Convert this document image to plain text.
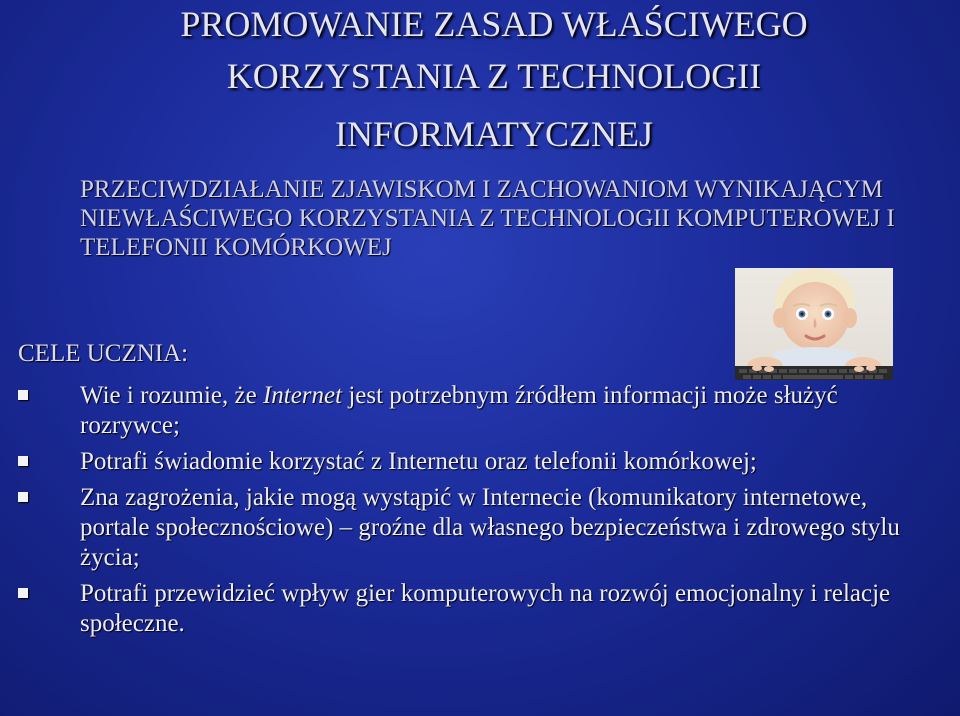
PROMOWANIE ZASAD WŁAŚCIWEGO
KORZYSTANIA Z TECHNOLOGII
INFORMATYCZNEJ
PRZECIWDZIAŁANIE ZJAWISKOM I ZACHOWANIOM WYNIKAJĄCYM NIEWŁAŚCIWEGO KORZYSTANIA Z TECHNOLOGII KOMPUTEROWEJ I TELEFONII KOMÓRKOWEJ
CELE UCZNIA:
Wie i rozumie, że Internet jest potrzebnym źródłem informacji może służyć rozrywce;
Potrafi świadomie korzystać z Internetu oraz telefonii komórkowej;
Zna zagrożenia, jakie mogą wystąpić w Internecie (komunikatory internetowe, portale społecznościowe) – groźne dla własnego bezpieczeństwa i zdrowego stylu życia;
Potrafi przewidzieć wpływ gier komputerowych na rozwój emocjonalny i relacje społeczne.
